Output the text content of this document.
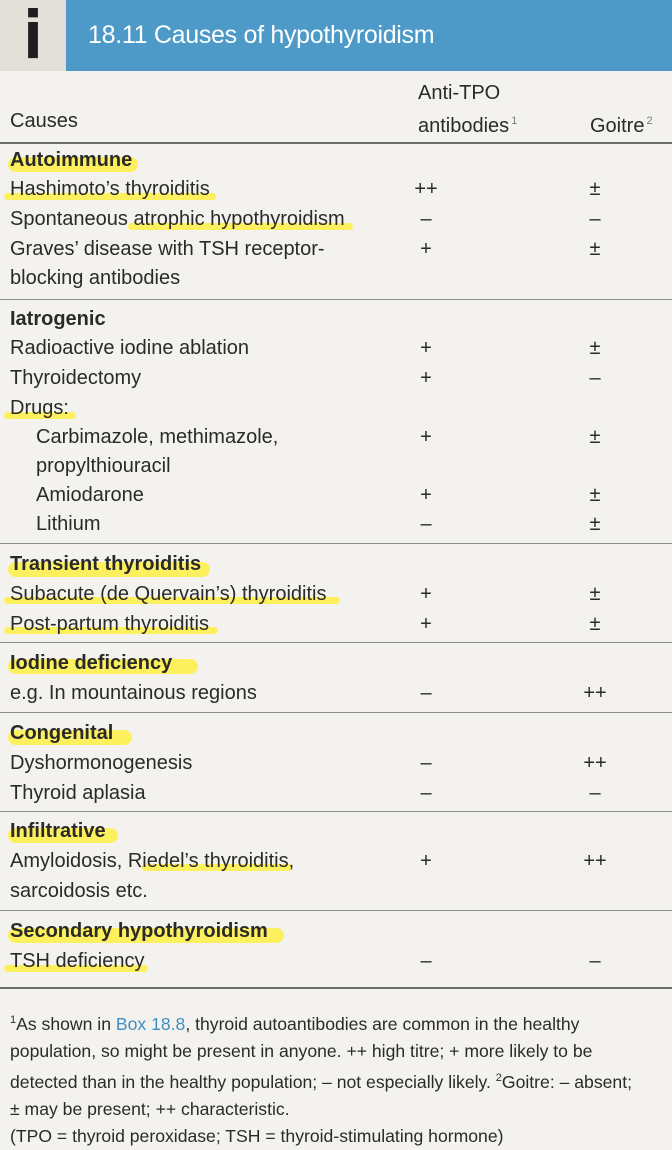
i	18.11 Causes of hypothyroidism
Causes
Anti-TPO
antibodies $^1$	Goitre $^2$
Autoimmune
Hashimoto’s thyroiditis	++	±
Spontaneous atrophic hypothyroidism	–	–
Graves’ disease with TSH receptor-	+	±
blocking antibodies
Iatrogenic
Radioactive iodine ablation	+	±
Thyroidectomy	+	–
Drugs:
Carbimazole, methimazole,	+	±
propylthiouracil
Amiodarone	+	±
Lithium	–	±
Transient thyroiditis
Subacute (de Quervain’s) thyroiditis	+	±
Post-partum thyroiditis	+	±
Iodine deficiency
e.g. In mountainous regions	–	++
Congenital
Dyshormonogenesis	–	++
Thyroid aplasia	–	–
Infiltrative
Amyloidosis, Riedel’s thyroiditis,	+	++
sarcoidosis etc.
Secondary hypothyroidism
TSH deficiency	–	–
$^1$As shown in Box 18.8, thyroid autoantibodies are common in the healthy
population, so might be present in anyone. ++ high titre; + more likely to be
detected than in the healthy population; – not especially likely. $^2$Goitre: – absent;
± may be present; ++ characteristic.
(TPO = thyroid peroxidase; TSH = thyroid-stimulating hormone)
